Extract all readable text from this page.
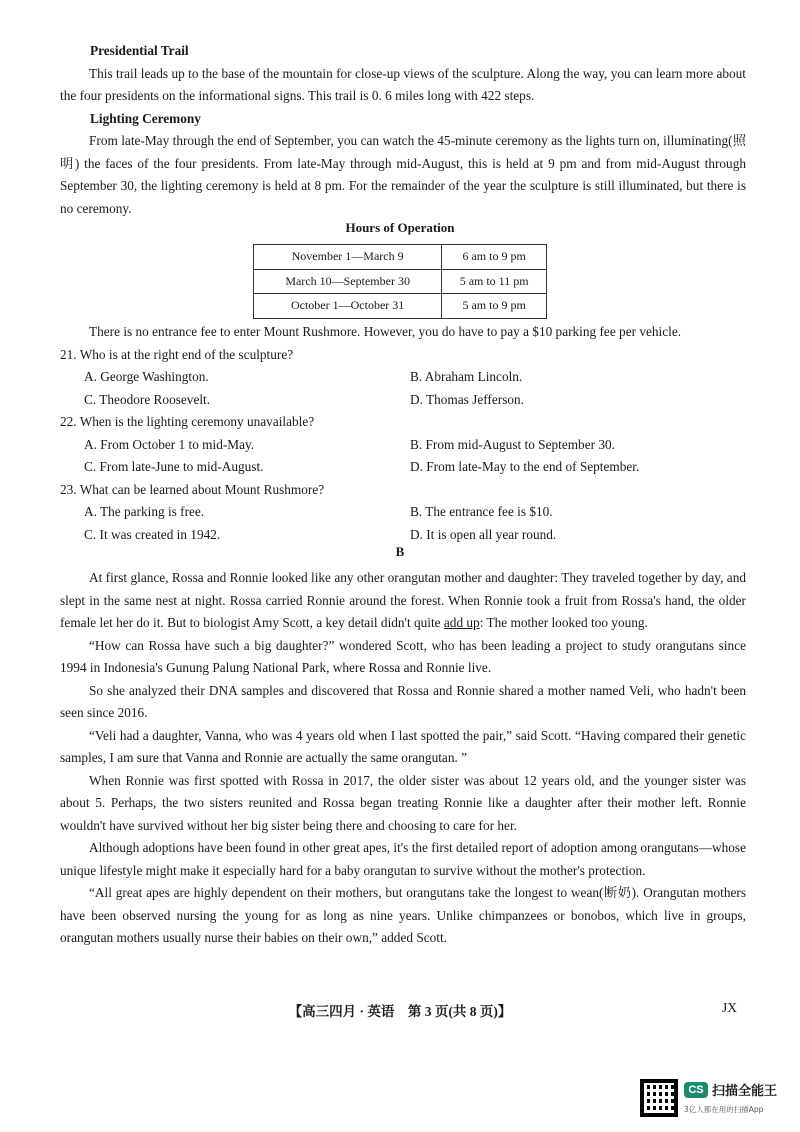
Presidential Trail

This trail leads up to the base of the mountain for close-up views of the sculpture. Along the way, you can learn more about the four presidents on the informational signs. This trail is 0. 6 miles long with 422 steps.

Lighting Ceremony

From late-May through the end of September, you can watch the 45-minute ceremony as the lights turn on, illuminating(照明) the faces of the four presidents. From late-May through mid-August, this is held at 9 pm and from mid-August through September 30, the lighting ceremony is held at 8 pm. For the remainder of the year the sculpture is still illuminated, but there is no ceremony.

Hours of Operation
November 1—March 9	6 am to 9 pm
March 10—September 30	5 am to 11 pm
October 1—October 31	5 am to 9 pm

There is no entrance fee to enter Mount Rushmore. However, you do have to pay a $10 parking fee per vehicle.

21. Who is at the right end of the sculpture?

A. George Washington.	B. Abraham Lincoln.
C. Theodore Roosevelt.	D. Thomas Jefferson.

22. When is the lighting ceremony unavailable?

A. From October 1 to mid-May.	B. From mid-August to September 30.
C. From late-June to mid-August.	D. From late-May to the end of September.

23. What can be learned about Mount Rushmore?

A. The parking is free.	B. The entrance fee is $10.
C. It was created in 1942.	D. It is open all year round.
B

At first glance, Rossa and Ronnie looked like any other orangutan mother and daughter: They traveled together by day, and slept in the same nest at night. Rossa carried Ronnie around the forest. When Ronnie took a fruit from Rossa's hand, the older female let her do it. But to biologist Amy Scott, a key detail didn't quite add up: The mother looked too young.

“How can Rossa have such a big daughter?” wondered Scott, who has been leading a project to study orangutans since 1994 in Indonesia's Gunung Palung National Park, where Rossa and Ronnie live.

So she analyzed their DNA samples and discovered that Rossa and Ronnie shared a mother named Veli, who hadn't been seen since 2016.

“Veli had a daughter, Vanna, who was 4 years old when I last spotted the pair,” said Scott. “Having compared their genetic samples, I am sure that Vanna and Ronnie are actually the same orangutan. ”

When Ronnie was first spotted with Rossa in 2017, the older sister was about 12 years old, and the younger sister was about 5. Perhaps, the two sisters reunited and Rossa began treating Ronnie like a daughter after their mother left. Ronnie wouldn't have survived without her big sister being there and choosing to care for her.

Although adoptions have been found in other great apes, it's the first detailed report of adoption among orangutans—whose unique lifestyle might make it especially hard for a baby orangutan to survive without the mother's protection.

“All great apes are highly dependent on their mothers, but orangutans take the longest to wean(断奶). Orangutan mothers have been observed nursing the young for as long as nine years. Unlike chimpanzees or bonobos, which live in groups, orangutan mothers usually nurse their babies on their own,” added Scott.

【高三四月 · 英语　第 3 页(共 8 页)】	JX
CS 扫描全能王
3亿人都在用的扫描App
